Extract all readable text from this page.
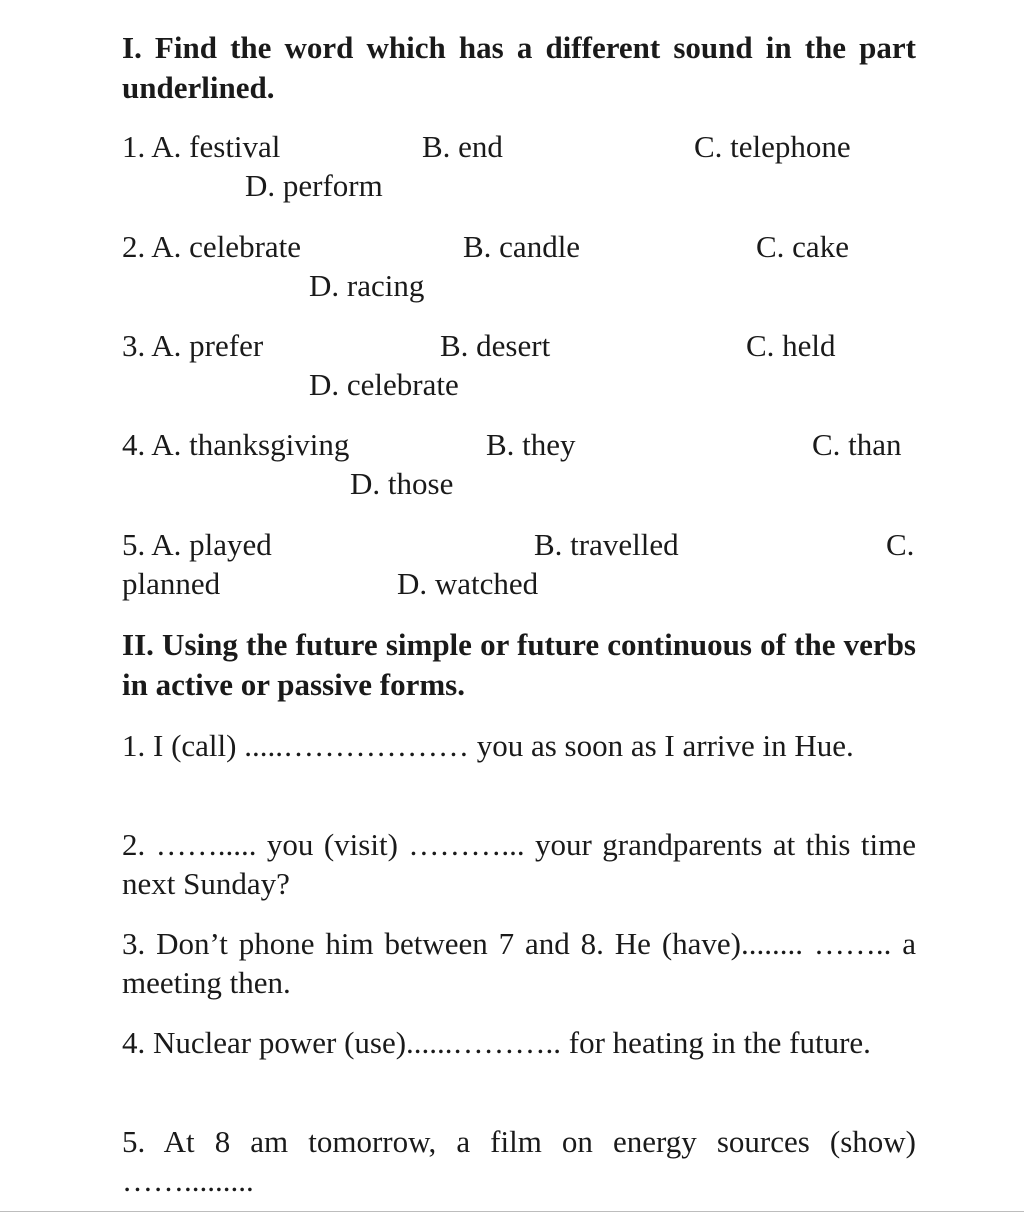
I. Find the word which has a different sound in the part underlined.
1. A. festival	B. end	C. telephone
D. perform
2. A. celebrate	B. candle	C. cake
D. racing
3. A. prefer	B. desert	C. held
D. celebrate
4. A. thanksgiving	B. they	C. than
D. those
5. A. played	B. travelled	C.
planned	D. watched
II. Using the future simple or future continuous of the verbs in active or passive forms.
1. I (call) .....……………… you as soon as I arrive in Hue.
2. ……..... you (visit) ………... your grandparents at this time next Sunday?
3. Don’t phone him between 7 and 8. He (have)........ …….. a meeting then.
4. Nuclear power (use)......……….. for heating in the future.
5. At 8 am tomorrow, a film on energy sources (show) …….........
